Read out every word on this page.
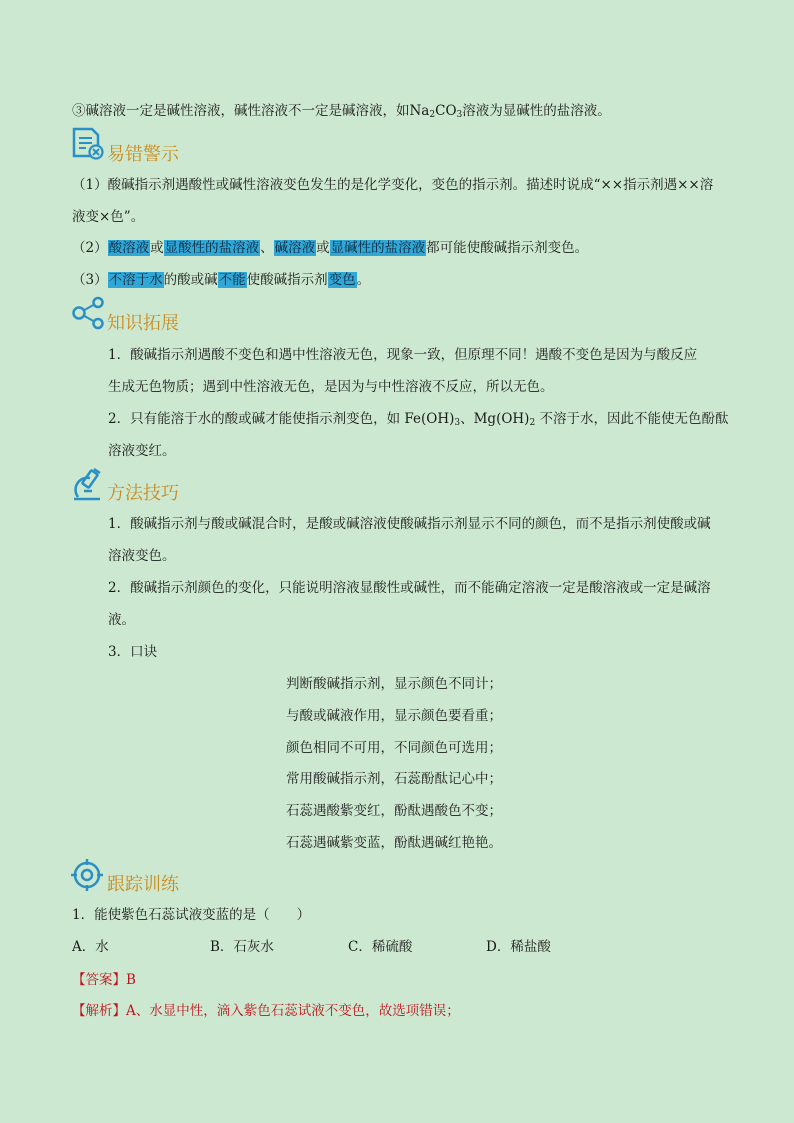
③碱溶液一定是碱性溶液，碱性溶液不一定是碱溶液，如$Na_2CO_3$溶液为显碱性的盐溶液。
易错警示
（1）酸碱指示剂遇酸性或碱性溶液变色发生的是化学变化，变色的指示剂。描述时说成“××指示剂遇××溶
液变×色”。
（2）酸溶液或显酸性的盐溶液、碱溶液或显碱性的盐溶液都可能使酸碱指示剂变色。
（3）不溶于水的酸或碱不能使酸碱指示剂变色。
知识拓展
1．酸碱指示剂遇酸不变色和遇中性溶液无色，现象一致，但原理不同！遇酸不变色是因为与酸反应
生成无色物质；遇到中性溶液无色，是因为与中性溶液不反应，所以无色。
2．只有能溶于水的酸或碱才能使指示剂变色，如 $Fe(OH)_3$、$Mg(OH)_2$ 不溶于水，因此不能使无色酚酞
溶液变红。
方法技巧
1．酸碱指示剂与酸或碱混合时，是酸或碱溶液使酸碱指示剂显示不同的颜色，而不是指示剂使酸或碱
溶液变色。
2．酸碱指示剂颜色的变化，只能说明溶液显酸性或碱性，而不能确定溶液一定是酸溶液或一定是碱溶
液。
3．口诀
判断酸碱指示剂，显示颜色不同计；
与酸或碱液作用，显示颜色要看重；
颜色相同不可用，不同颜色可选用；
常用酸碱指示剂，石蕊酚酞记心中；
石蕊遇酸紫变红，酚酞遇酸色不变；
石蕊遇碱紫变蓝，酚酞遇碱红艳艳。
跟踪训练
1．能使紫色石蕊试液变蓝的是（　　）
A．水	B．石灰水	C．稀硫酸	D．稀盐酸
【答案】B
【解析】A、水显中性，滴入紫色石蕊试液不变色，故选项错误；
